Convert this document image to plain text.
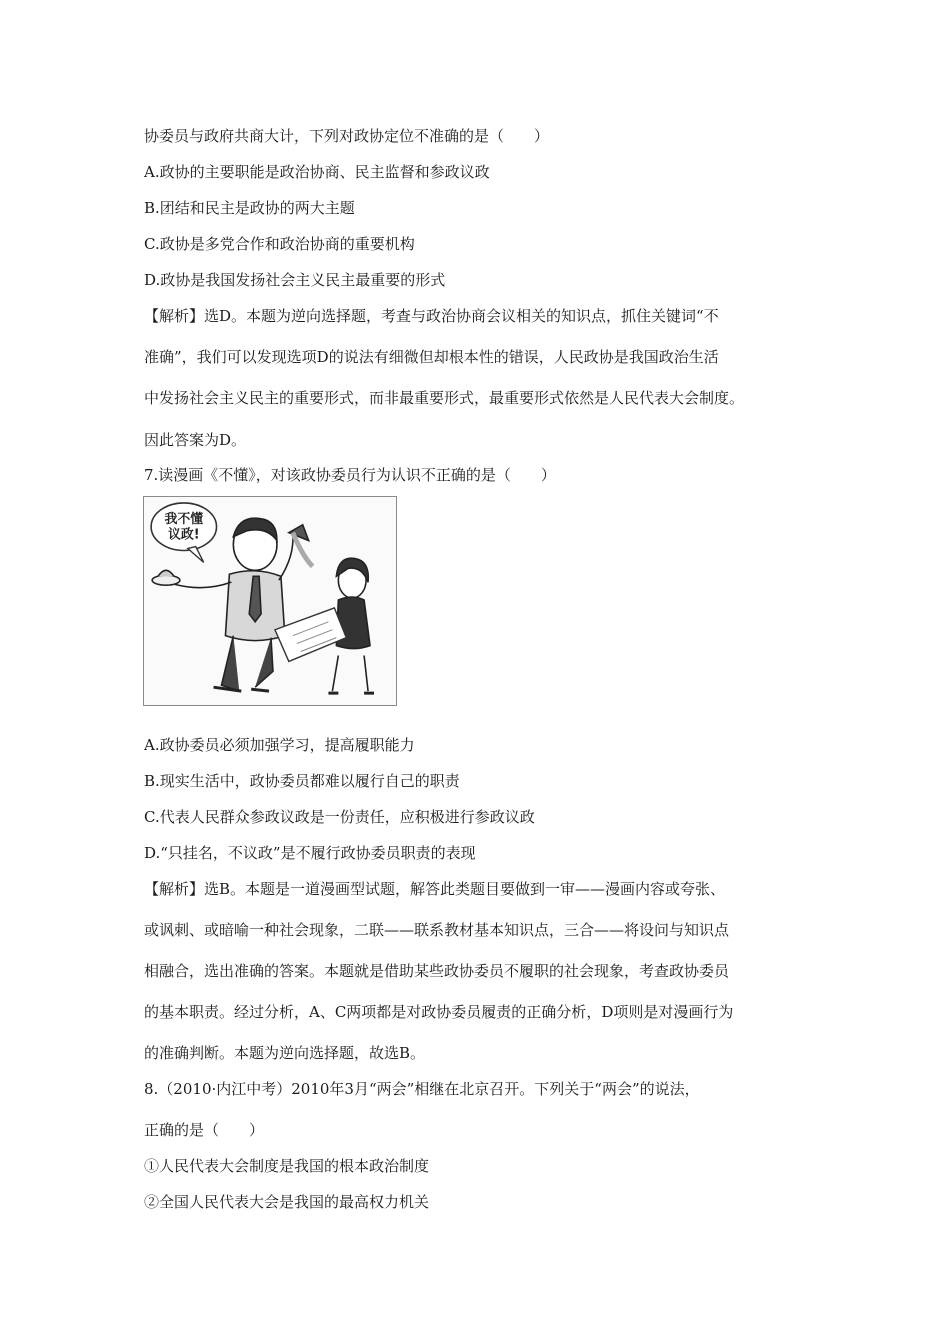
协委员与政府共商大计，下列对政协定位不准确的是（　　）
A.政协的主要职能是政治协商、民主监督和参政议政
B.团结和民主是政协的两大主题
C.政协是多党合作和政治协商的重要机构
D.政协是我国发扬社会主义民主最重要的形式
【解析】选D。本题为逆向选择题，考查与政治协商会议相关的知识点，抓住关键词“不
准确”，我们可以发现选项D的说法有细微但却根本性的错误，人民政协是我国政治生活
中发扬社会主义民主的重要形式，而非最重要形式，最重要形式依然是人民代表大会制度。
因此答案为D。
7.读漫画《不懂》，对该政协委员行为认识不正确的是（　　）
我不懂
议政!
A.政协委员必须加强学习，提高履职能力
B.现实生活中，政协委员都难以履行自己的职责
C.代表人民群众参政议政是一份责任，应积极进行参政议政
D.“只挂名，不议政”是不履行政协委员职责的表现
【解析】选B。本题是一道漫画型试题，解答此类题目要做到一审——漫画内容或夸张、
或讽刺、或暗喻一种社会现象，二联——联系教材基本知识点，三合——将设问与知识点
相融合，选出准确的答案。本题就是借助某些政协委员不履职的社会现象，考查政协委员
的基本职责。经过分析，A、C两项都是对政协委员履责的正确分析，D项则是对漫画行为
的准确判断。本题为逆向选择题，故选B。
8.（2010·内江中考）2010年3月“两会”相继在北京召开。下列关于“两会”的说法，
正确的是（　　）
①人民代表大会制度是我国的根本政治制度
②全国人民代表大会是我国的最高权力机关
